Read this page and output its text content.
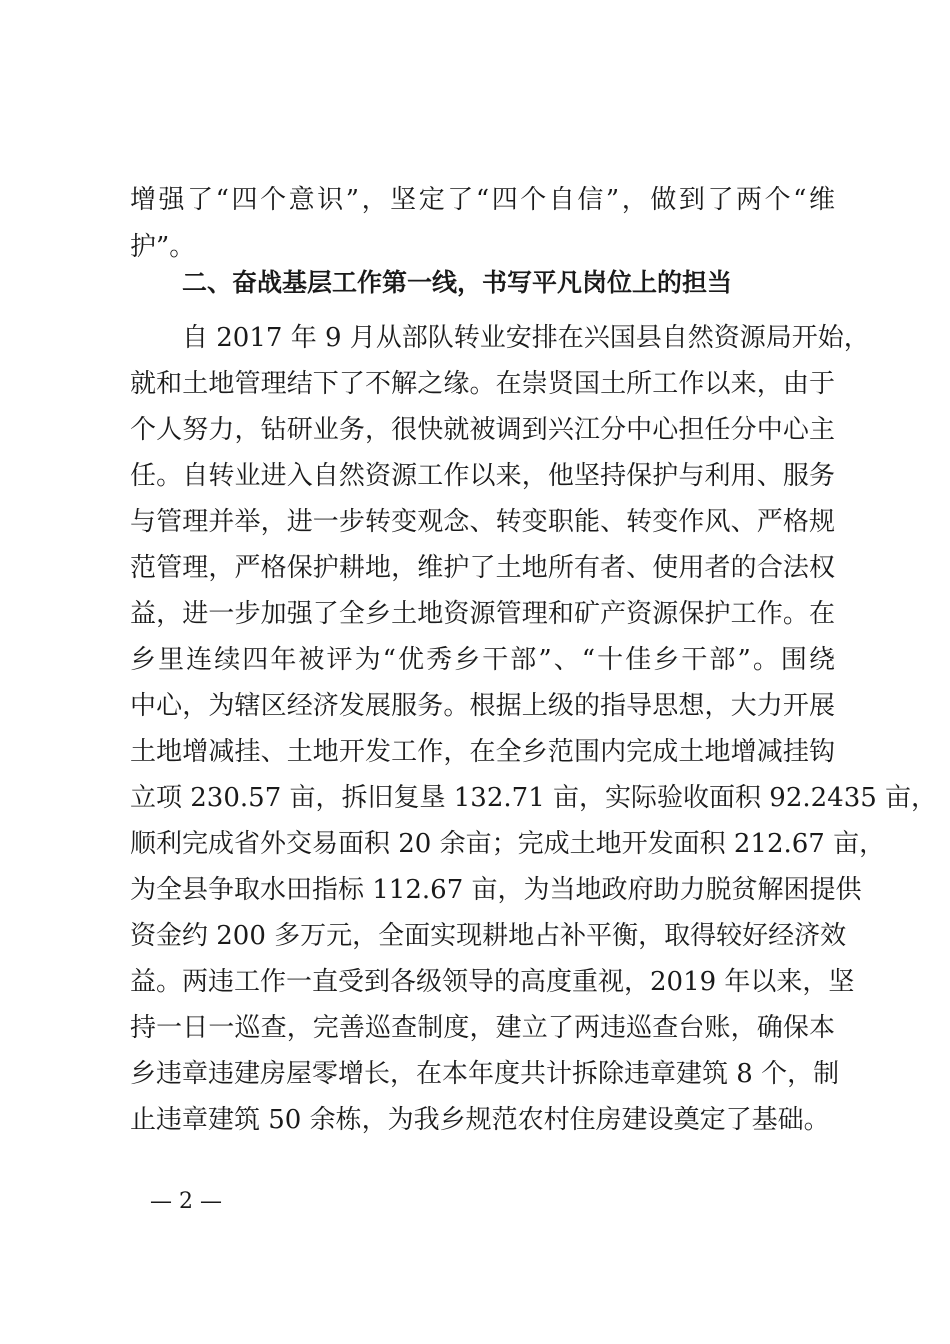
增强了“四个意识”，坚定了“四个自信”，做到了两个“维
护”。
二、奋战基层工作第一线，书写平凡岗位上的担当
自 2017 年 9 月从部队转业安排在兴国县自然资源局开始，
就和土地管理结下了不解之缘。在崇贤国土所工作以来，由于
个人努力，钻研业务，很快就被调到兴江分中心担任分中心主
任。自转业进入自然资源工作以来，他坚持保护与利用、服务
与管理并举，进一步转变观念、转变职能、转变作风、严格规
范管理，严格保护耕地，维护了土地所有者、使用者的合法权
益，进一步加强了全乡土地资源管理和矿产资源保护工作。在
乡里连续四年被评为“优秀乡干部”、“十佳乡干部”。围绕
中心，为辖区经济发展服务。根据上级的指导思想，大力开展
土地增减挂、土地开发工作，在全乡范围内完成土地增减挂钩
立项 230.57 亩，拆旧复垦 132.71 亩，实际验收面积 92.2435 亩，
顺利完成省外交易面积 20 余亩；完成土地开发面积 212.67 亩，
为全县争取水田指标 112.67 亩，为当地政府助力脱贫解困提供
资金约 200 多万元，全面实现耕地占补平衡，取得较好经济效
益。两违工作一直受到各级领导的高度重视，2019 年以来，坚
持一日一巡查，完善巡查制度，建立了两违巡查台账，确保本
乡违章违建房屋零增长，在本年度共计拆除违章建筑 8 个，制
止违章建筑 50 余栋，为我乡规范农村住房建设奠定了基础。
— 2 —
